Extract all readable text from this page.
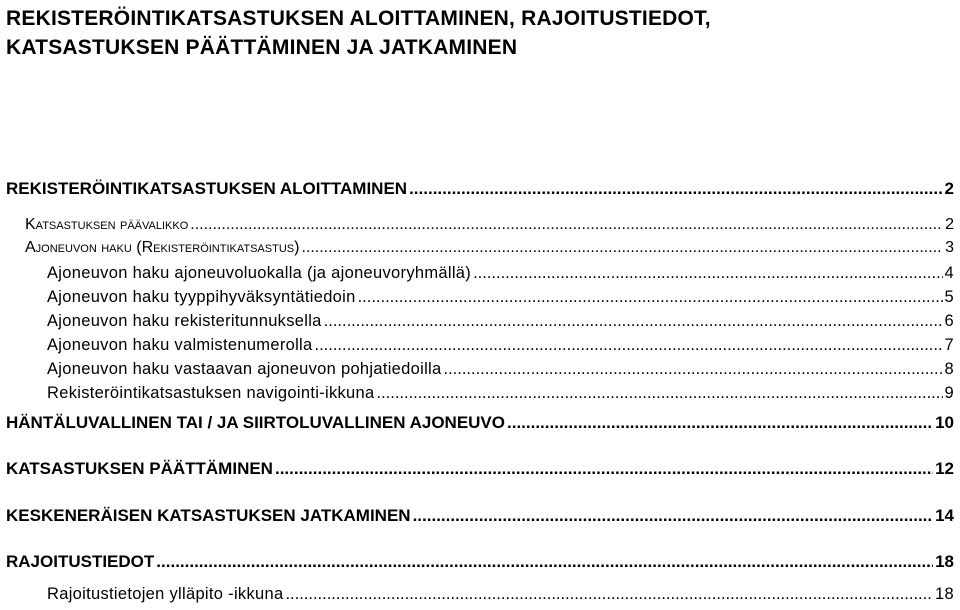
REKISTERÖINTIKATSASTUKSEN ALOITTAMINEN, RAJOITUSTIEDOT,
KATSASTUKSEN PÄÄTTÄMINEN JA JATKAMINEN
REKISTERÖINTIKATSASTUKSEN ALOITTAMINEN .....	2
Katsastuksen päävalikko .....	2
Ajoneuvon haku (Rekisteröintikatsastus) .....	3
Ajoneuvon haku ajoneuvoluokalla (ja ajoneuvoryhmällä) .....	4
Ajoneuvon haku tyyppihyväksyntätiedoin .....	5
Ajoneuvon haku rekisteritunnuksella .....	6
Ajoneuvon haku valmistenumerolla .....	7
Ajoneuvon haku vastaavan ajoneuvon pohjatiedoilla .....	8
Rekisteröintikatsastuksen navigointi-ikkuna .....	9
HÄNTÄLUVALLINEN TAI / JA SIIRTOLUVALLINEN AJONEUVO .....	10
KATSASTUKSEN PÄÄTTÄMINEN .....	12
KESKENERÄISEN KATSASTUKSEN JATKAMINEN .....	14
RAJOITUSTIEDOT .....	18
Rajoitustietojen ylläpito -ikkuna .....	18
